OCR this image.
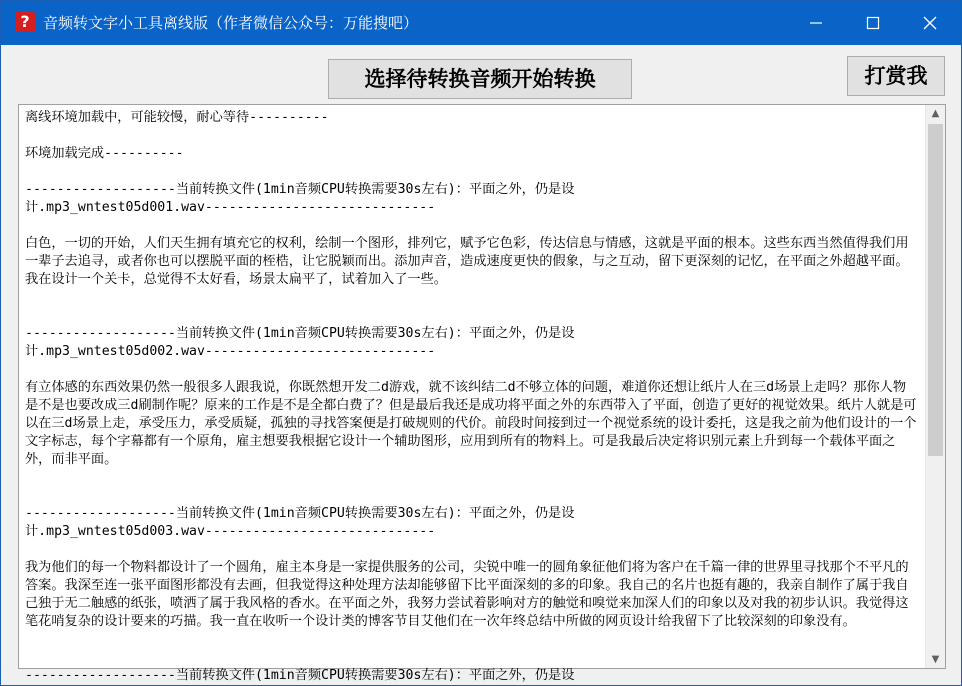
? 音频转文字小工具离线版（作者微信公众号：万能搜吧）
选择待转换音频开始转换	打赏我
离线环境加载中，可能较慢，耐心等待----------
环境加载完成----------
-------------------当前转换文件(1min音频CPU转换需要30s左右)：平面之外，仍是设
计.mp3_wntest05d001.wav-----------------------------
白色，一切的开始，人们天生拥有填充它的权利，绘制一个图形，排列它，赋予它色彩，传达信息与情感，这就是平面的根本。这些东西当然值得我们用一辈子去追寻，或者你也可以摆脱平面的桎梏，让它脱颖而出。添加声音，造成速度更快的假象，与之互动，留下更深刻的记忆，在平面之外超越平面。我在设计一个关卡，总觉得不太好看，场景太扁平了，试着加入了一些。
-------------------当前转换文件(1min音频CPU转换需要30s左右)：平面之外，仍是设
计.mp3_wntest05d002.wav-----------------------------
有立体感的东西效果仍然一般很多人跟我说，你既然想开发二d游戏，就不该纠结二d不够立体的问题，难道你还想让纸片人在三d场景上走吗？那你人物是不是也要改成三d刷制作呢？原来的工作是不是全都白费了？但是最后我还是成功将平面之外的东西带入了平面，创造了更好的视觉效果。纸片人就是可以在三d场景上走，承受压力，承受质疑，孤独的寻找答案便是打破规则的代价。前段时间接到过一个视觉系统的设计委托，这是我之前为他们设计的一个文字标志，每个字幕都有一个原角，雇主想要我根据它设计一个辅助图形，应用到所有的物料上。可是我最后决定将识别元素上升到每一个载体平面之外，而非平面。
-------------------当前转换文件(1min音频CPU转换需要30s左右)：平面之外，仍是设
计.mp3_wntest05d003.wav-----------------------------
我为他们的每一个物料都设计了一个圆角，雇主本身是一家提供服务的公司，尖锐中唯一的圆角象征他们将为客户在千篇一律的世界里寻找那个不平凡的答案。我深至连一张平面图形都没有去画，但我觉得这种处理方法却能够留下比平面深刻的多的印象。我自己的名片也挺有趣的，我亲自制作了属于我自己独于无二触感的纸张，喷洒了属于我风格的香水。在平面之外，我努力尝试着影响对方的触觉和嗅觉来加深人们的印象以及对我的初步认识。我觉得这笔花哨复杂的设计要来的巧描。我一直在收听一个设计类的博客节目艾他们在一次年终总结中所做的网页设计给我留下了比较深刻的印象没有。
-------------------当前转换文件(1min音频CPU转换需要30s左右)：平面之外，仍是设
▲
▼
